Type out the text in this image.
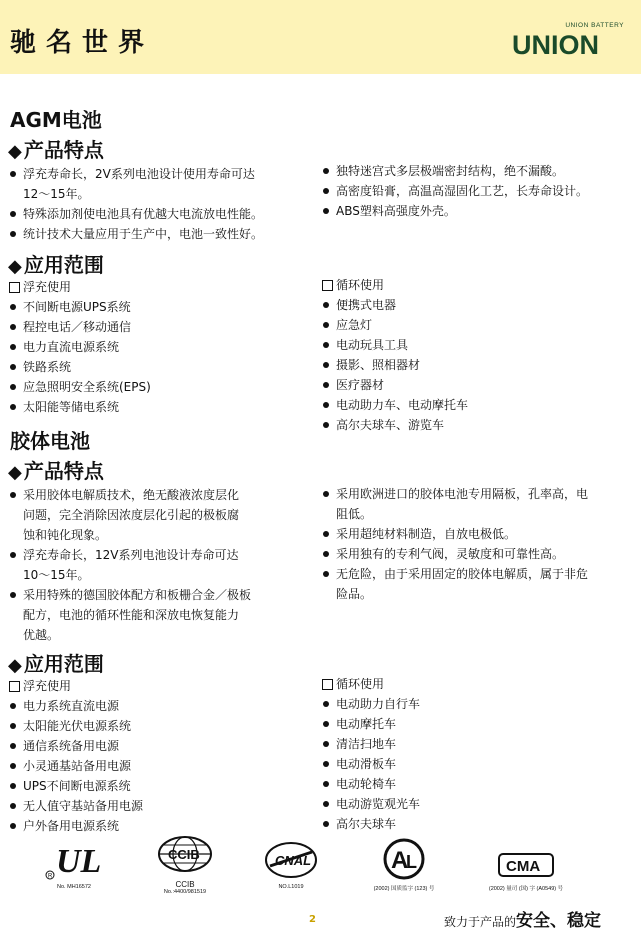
驰名世界
UNION BATTERY
UNION
AGM电池
◆ 产品特点
浮充寿命长，2V系列电池设计使用寿命可达
12～15年。
特殊添加剂使电池具有优越大电流放电性能。
统计技术大量应用于生产中，电池一致性好。
独特迷宫式多层极端密封结构，绝不漏酸。
高密度铅膏，高温高湿固化工艺，长寿命设计。
ABS塑料高强度外壳。
◆ 应用范围
浮充使用
不间断电源UPS系统
程控电话／移动通信
电力直流电源系统
铁路系统
应急照明安全系统(EPS)
太阳能等储电系统
循环使用
便携式电器
应急灯
电动玩具工具
摄影、照相器材
医疗器材
电动助力车、电动摩托车
高尔夫球车、游览车
胶体电池
◆ 产品特点
采用胶体电解质技术，绝无酸液浓度层化
问题，完全消除因浓度层化引起的极板腐
蚀和钝化现象。
浮充寿命长，12V系列电池设计寿命可达
10～15年。
采用特殊的德国胶体配方和板栅合金／极板
配方，电池的循环性能和深放电恢复能力
优越。
采用欧洲进口的胶体电池专用隔板，孔率高，电
阻低。
采用超纯材料制造，自放电极低。
采用独有的专利气阀，灵敏度和可靠性高。
无危险，由于采用固定的胶体电解质，属于非危
险品。
◆ 应用范围
浮充使用
电力系统直流电源
太阳能光伏电源系统
通信系统备用电源
小灵通基站备用电源
UPS不间断电源系统
无人值守基站备用电源
户外备用电源系统
循环使用
电动助力自行车
电动摩托车
清洁扫地车
电动滑板车
电动轮椅车
电动游览观光车
高尔夫球车
UL
R
No. MH16572
CCIB
CCIB
No.:4400/981519
CNAL
NO.L1019
A
L
(2002) 国质监字 (123) 号
CMA
(2002) 量司 (国) 字 (A0549) 号
2	致力于产品的安全、稳定
